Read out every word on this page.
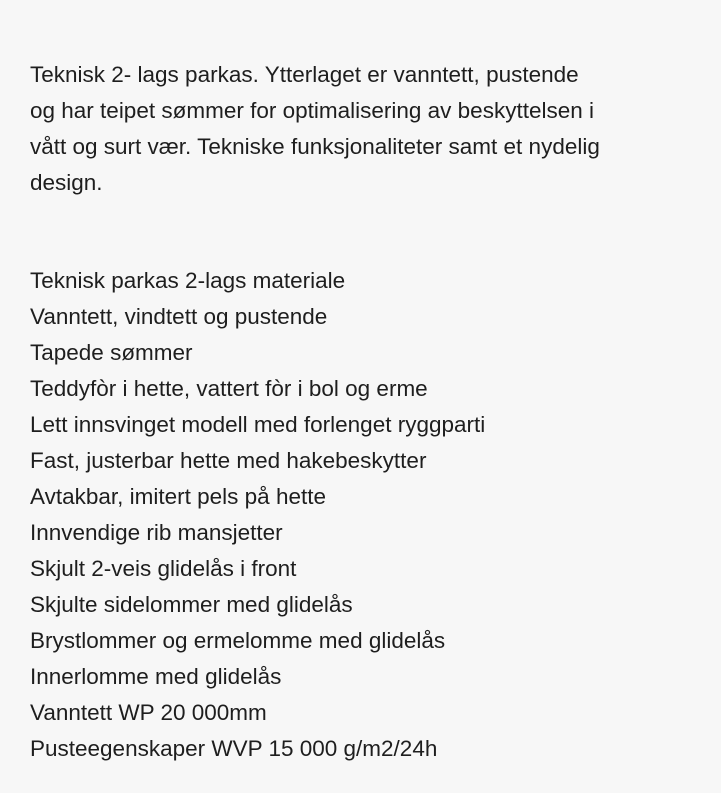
Teknisk 2- lags parkas. Ytterlaget er vanntett, pustende
og har teipet sømmer for optimalisering av beskyttelsen i
vått og surt vær. Tekniske funksjonaliteter samt et nydelig
design.

Teknisk parkas 2-lags materiale
Vanntett, vindtett og pustende
Tapede sømmer
Teddyfòr i hette, vattert fòr i bol og erme
Lett innsvinget modell med forlenget ryggparti
Fast, justerbar hette med hakebeskytter
Avtakbar, imitert pels på hette
Innvendige rib mansjetter
Skjult 2-veis glidelås i front
Skjulte sidelommer med glidelås
Brystlommer og ermelomme med glidelås
Innerlomme med glidelås
Vanntett WP 20 000mm
Pusteegenskaper WVP 15 000 g/m2/24h
